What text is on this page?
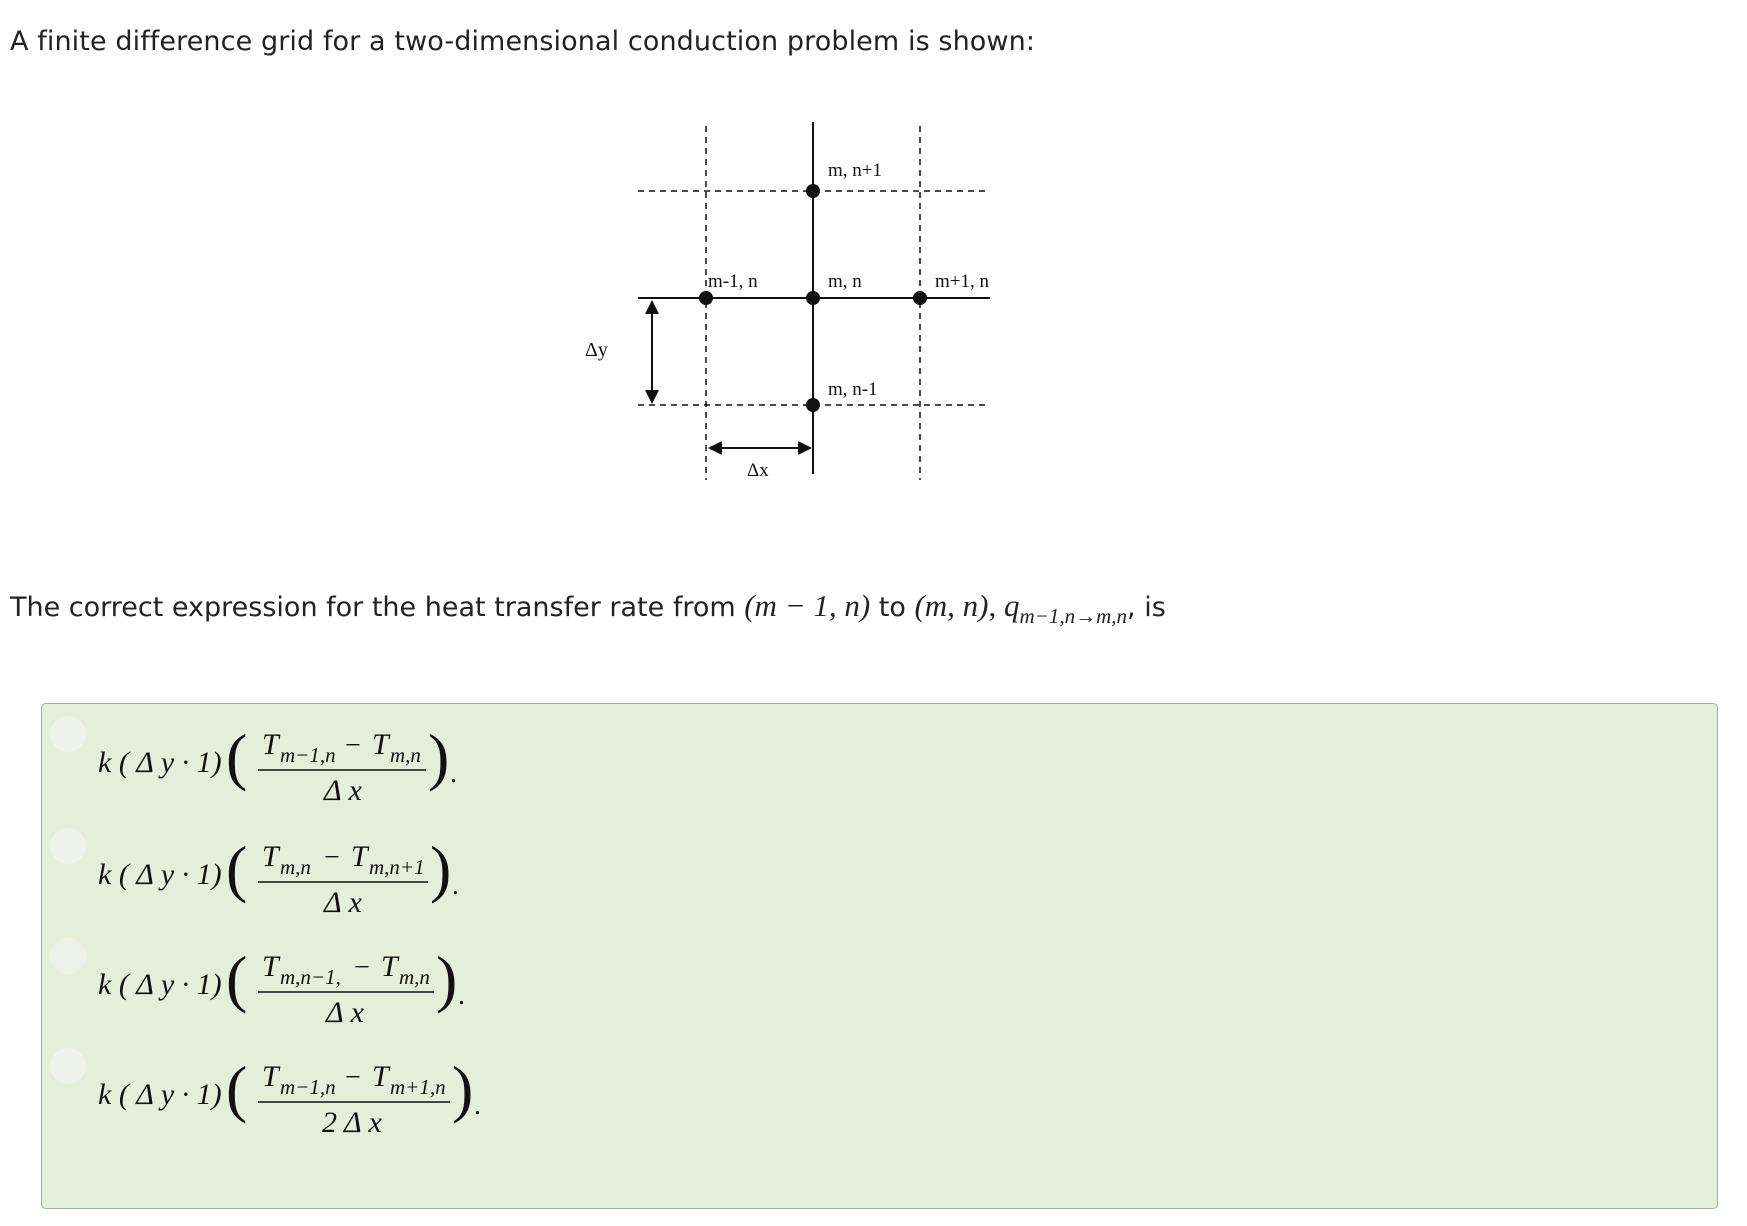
A finite difference grid for a two-dimensional conduction problem is shown:
m, n+1
m-1, n	m, n	m+1, n
m, n-1
Δy
Δx
The correct expression for the heat transfer rate from (m − 1, n) to (m, n), $q_{m-1,n\to m,n}$, is
k ( Δ y · 1) ( T m−1,n − T m,n
Δ x ) .
k ( Δ y · 1) ( T m,n − T m,n+1
Δ x ) .
k ( Δ y · 1) ( T m,n−1, − T m,n
Δ x ) .
k ( Δ y · 1) ( T m−1,n − T m+1,n
2 Δ x ) .
